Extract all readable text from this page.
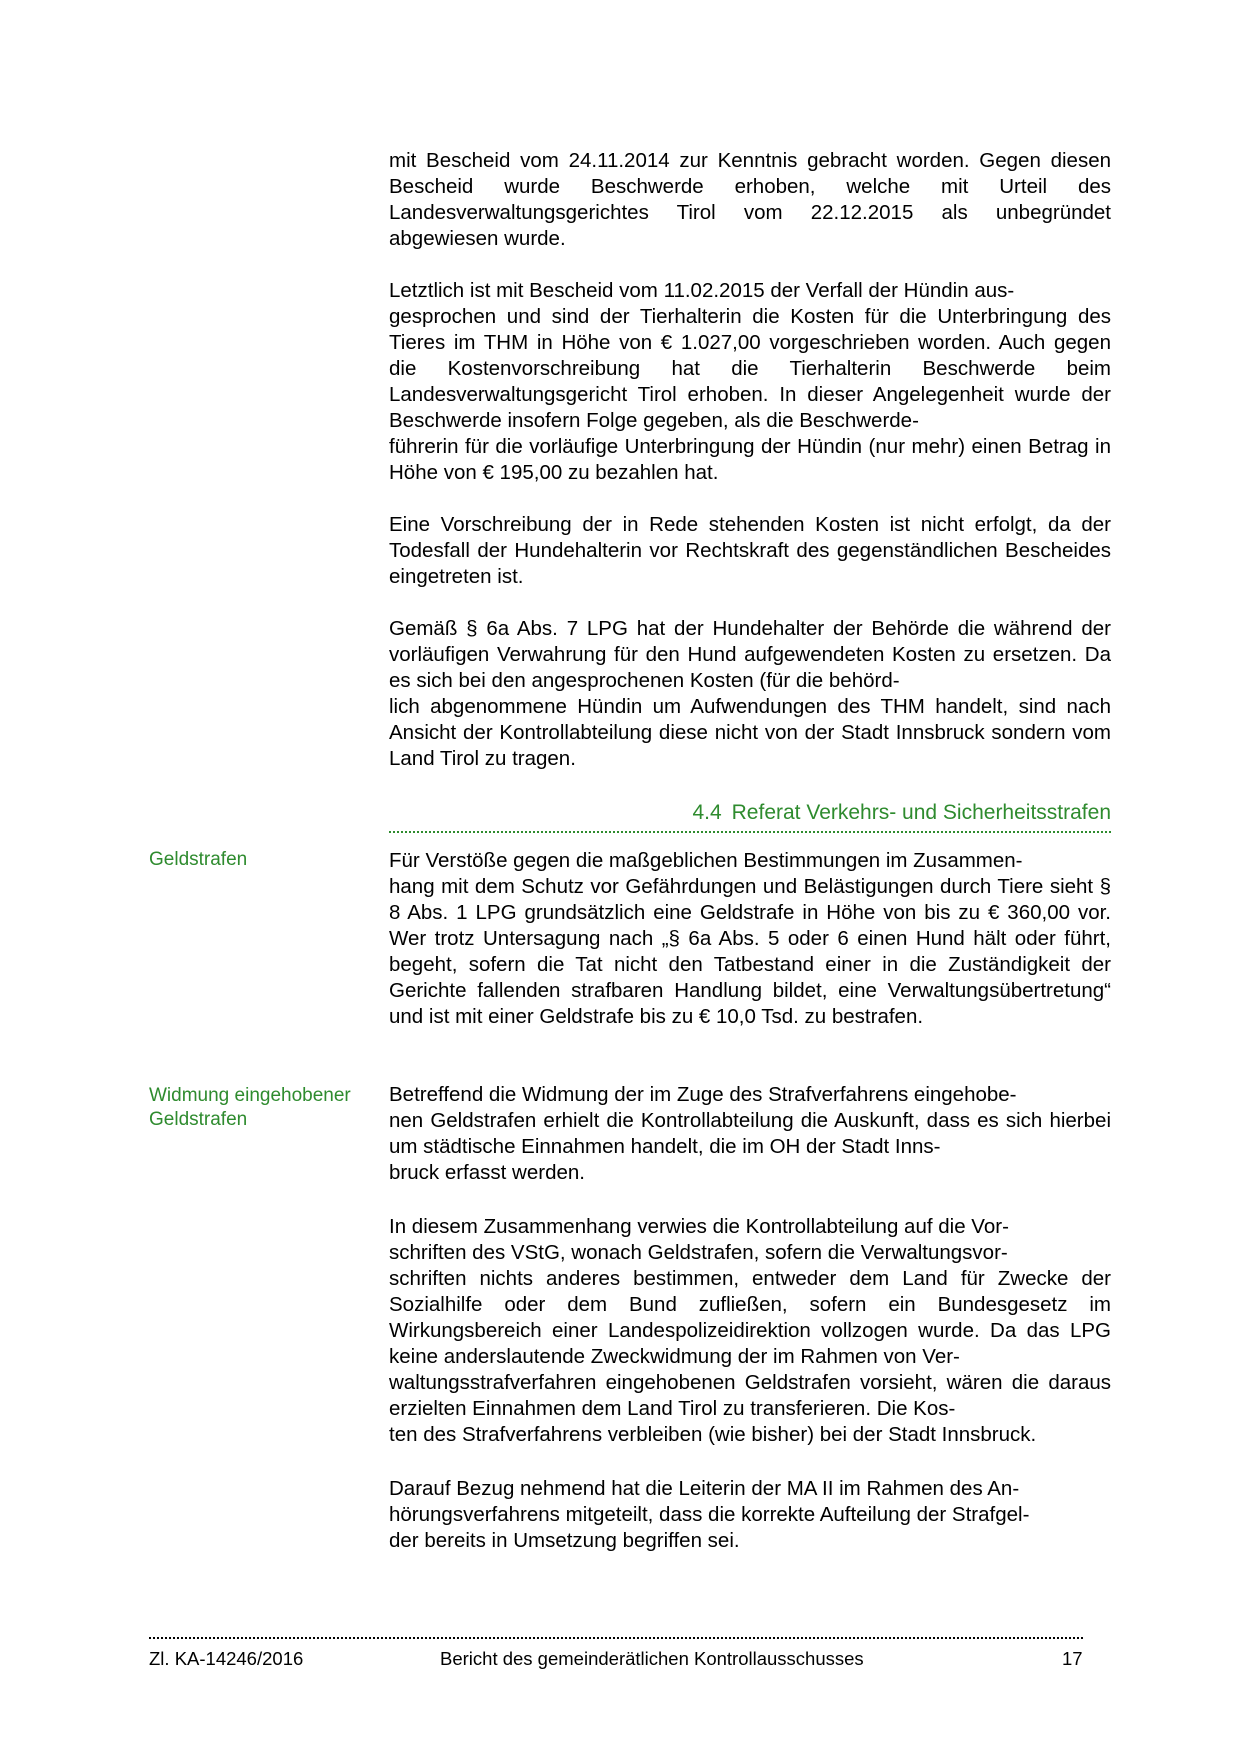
mit Bescheid vom 24.11.2014 zur Kenntnis gebracht worden. Gegen diesen Bescheid wurde Beschwerde erhoben, welche mit Urteil des Landesverwaltungsgerichtes Tirol vom 22.12.2015 als unbegründet abgewiesen wurde.

Letztlich ist mit Bescheid vom 11.02.2015 der Verfall der Hündin aus-
gesprochen und sind der Tierhalterin die Kosten für die Unterbringung des Tieres im THM in Höhe von € 1.027,00 vorgeschrieben worden. Auch gegen die Kostenvorschreibung hat die Tierhalterin Beschwerde beim Landesverwaltungsgericht Tirol erhoben. In dieser Angelegenheit wurde der Beschwerde insofern Folge gegeben, als die Beschwerde-
führerin für die vorläufige Unterbringung der Hündin (nur mehr) einen Betrag in Höhe von € 195,00 zu bezahlen hat.

Eine Vorschreibung der in Rede stehenden Kosten ist nicht erfolgt, da der Todesfall der Hundehalterin vor Rechtskraft des gegenständlichen Bescheides eingetreten ist.

Gemäß § 6a Abs. 7 LPG hat der Hundehalter der Behörde die während der vorläufigen Verwahrung für den Hund aufgewendeten Kosten zu ersetzen. Da es sich bei den angesprochenen Kosten (für die behörd-
lich abgenommene Hündin um Aufwendungen des THM handelt, sind nach Ansicht der Kontrollabteilung diese nicht von der Stadt Innsbruck sondern vom Land Tirol zu tragen.

4.4 Referat Verkehrs- und Sicherheitsstrafen

Geldstrafen	Für Verstöße gegen die maßgeblichen Bestimmungen im Zusammen-
hang mit dem Schutz vor Gefährdungen und Belästigungen durch Tiere sieht § 8 Abs. 1 LPG grundsätzlich eine Geldstrafe in Höhe von bis zu € 360,00 vor. Wer trotz Untersagung nach „§ 6a Abs. 5 oder 6 einen Hund hält oder führt, begeht, sofern die Tat nicht den Tatbestand einer in die Zuständigkeit der Gerichte fallenden strafbaren Handlung bildet, eine Verwaltungsübertretung“ und ist mit einer Geldstrafe bis zu € 10,0 Tsd. zu bestrafen.

Widmung eingehobener
Geldstrafen

Betreffend die Widmung der im Zuge des Strafverfahrens eingehobe-
nen Geldstrafen erhielt die Kontrollabteilung die Auskunft, dass es sich hierbei um städtische Einnahmen handelt, die im OH der Stadt Inns-
bruck erfasst werden.

In diesem Zusammenhang verwies die Kontrollabteilung auf die Vor-
schriften des VStG, wonach Geldstrafen, sofern die Verwaltungsvor-
schriften nichts anderes bestimmen, entweder dem Land für Zwecke der Sozialhilfe oder dem Bund zufließen, sofern ein Bundesgesetz im Wirkungsbereich einer Landespolizeidirektion vollzogen wurde. Da das LPG keine anderslautende Zweckwidmung der im Rahmen von Ver-
waltungsstrafverfahren eingehobenen Geldstrafen vorsieht, wären die daraus erzielten Einnahmen dem Land Tirol zu transferieren. Die Kos-
ten des Strafverfahrens verbleiben (wie bisher) bei der Stadt Innsbruck.

Darauf Bezug nehmend hat die Leiterin der MA II im Rahmen des An-
hörungsverfahrens mitgeteilt, dass die korrekte Aufteilung der Strafgel-
der bereits in Umsetzung begriffen sei.

Zl. KA-14246/2016	Bericht des gemeinderätlichen Kontrollausschusses	17
